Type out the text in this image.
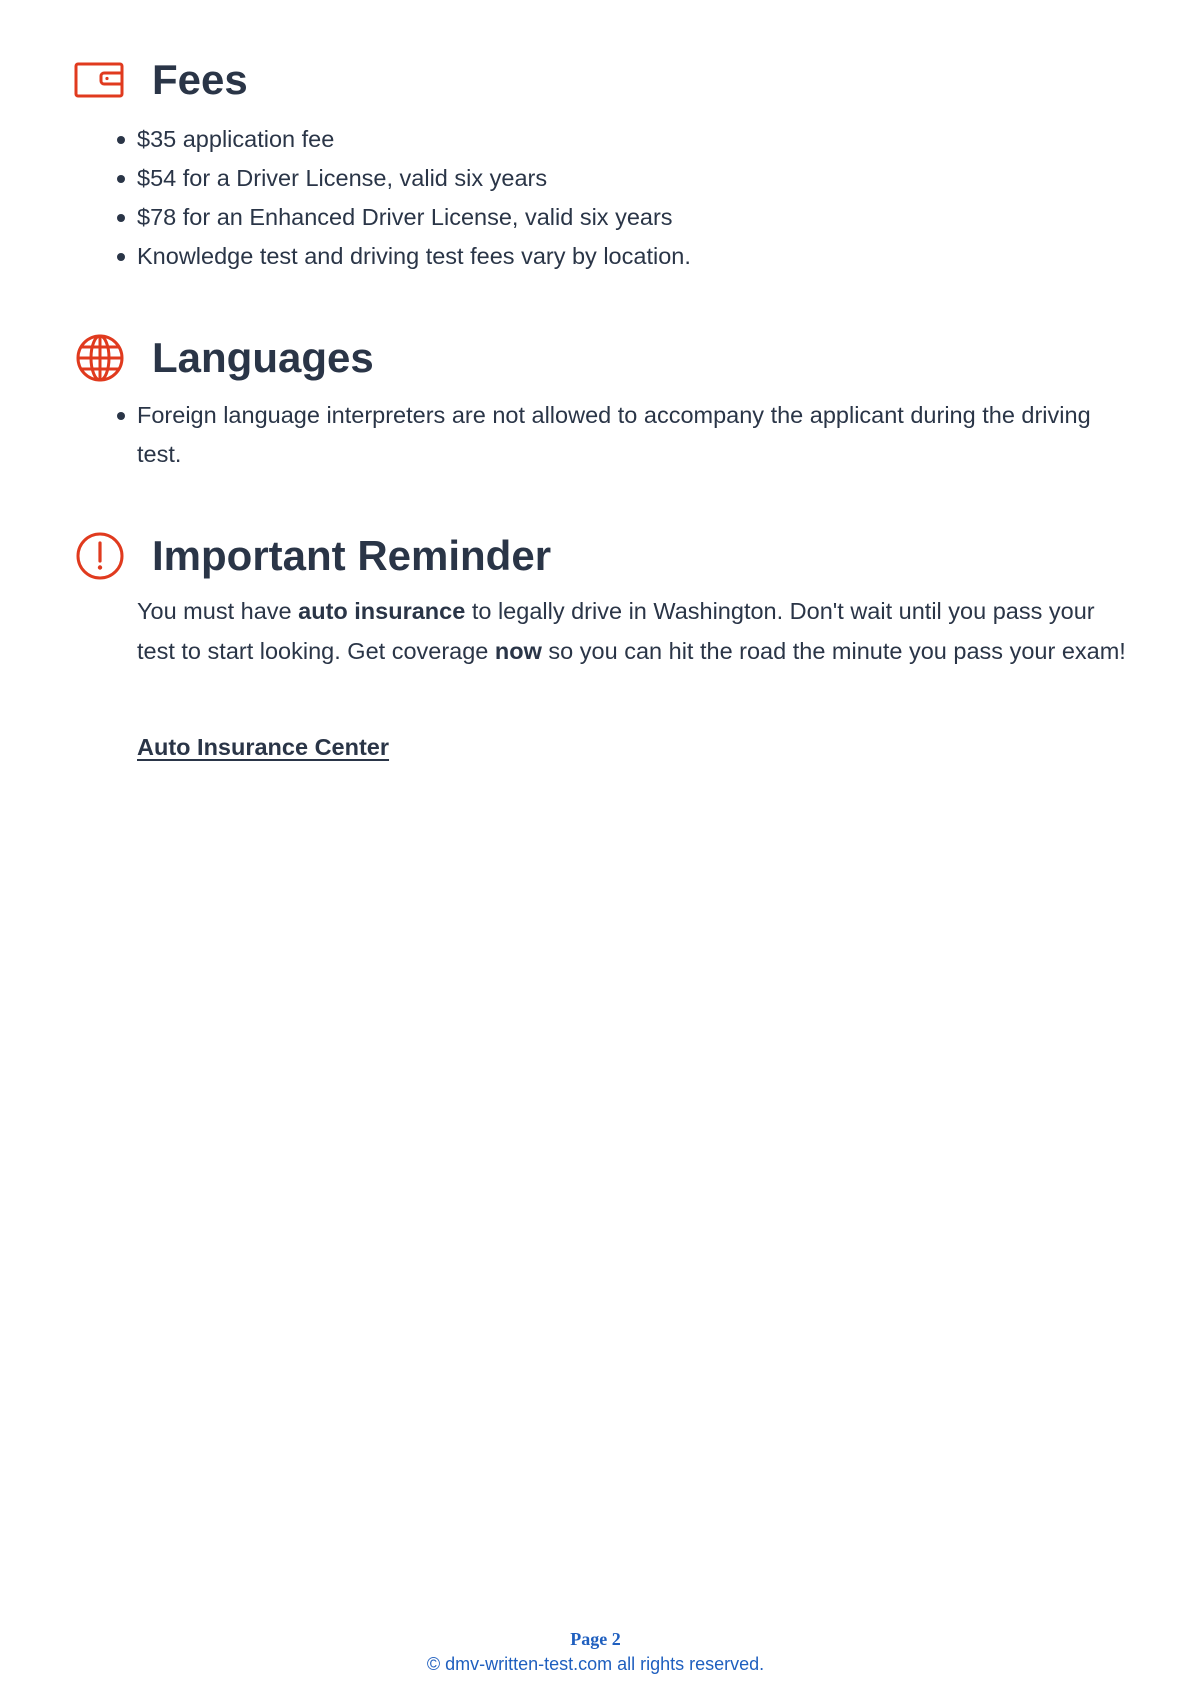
Fees
$35 application fee
$54 for a Driver License, valid six years
$78 for an Enhanced Driver License, valid six years
Knowledge test and driving test fees vary by location.
Languages
Foreign language interpreters are not allowed to accompany the applicant during the driving test.
Important Reminder

You must have auto insurance to legally drive in Washington. Don't wait until you pass your test to start looking. Get coverage now so you can hit the road the minute you pass your exam!

Auto Insurance Center
Page 2
© dmv-written-test.com all rights reserved.
